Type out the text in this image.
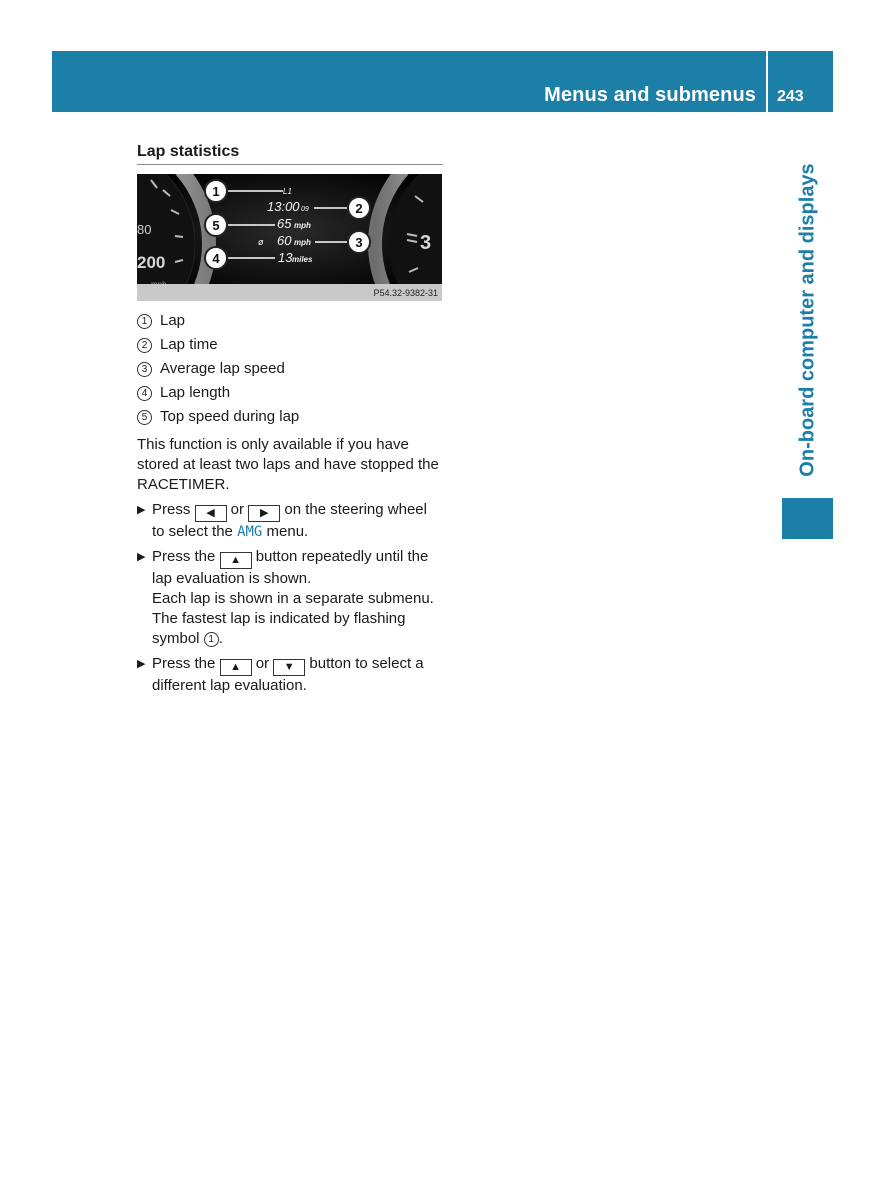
Menus and submenus 243
On-board computer and displays
Lap statistics
80
200
3
L1
13:00 09
65 mph
ø 60 mph
13 miles
1
2
3
4
5
P54.32-9382-31
1 Lap
2 Lap time
3 Average lap speed
4 Lap length
5 Top speed during lap

This function is only available if you have stored at least two laps and have stopped the RACETIMER.

▶ Press ◀ or ▶ on the steering wheel to select the AMG menu.
▶ Press the ▲ button repeatedly until the lap evaluation is shown.
Each lap is shown in a separate submenu. The fastest lap is indicated by flashing symbol 1 .
▶ Press the ▲ or ▼ button to select a different lap evaluation.
